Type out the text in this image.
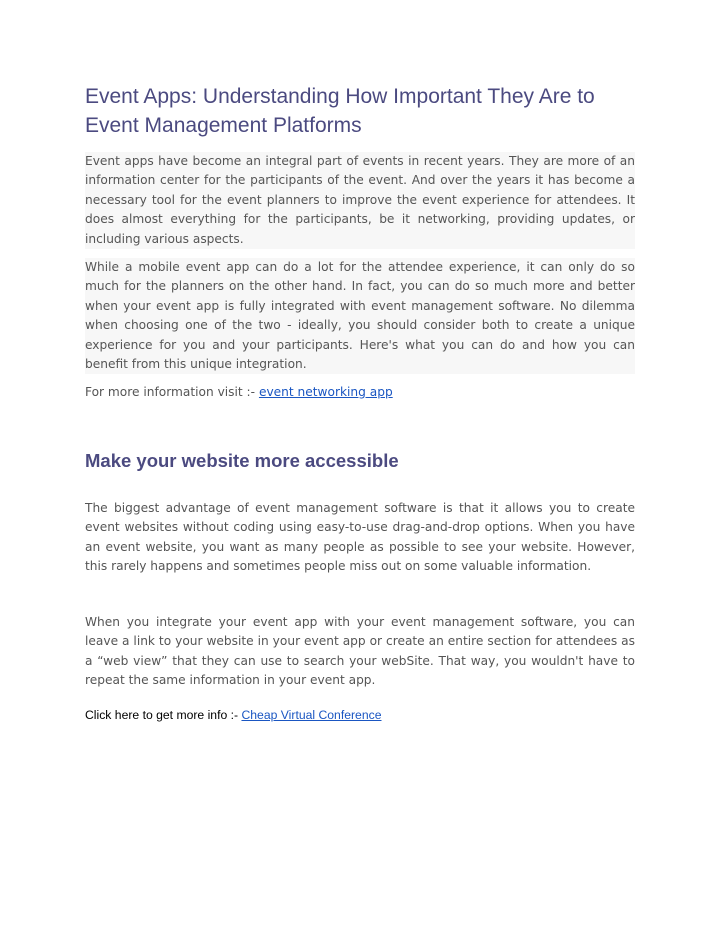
Event Apps: Understanding How Important They Are to Event Management Platforms

Event apps have become an integral part of events in recent years. They are more of an information center for the participants of the event. And over the years it has become a necessary tool for the event planners to improve the event experience for attendees. It does almost everything for the participants, be it networking, providing updates, or including various aspects.

While a mobile event app can do a lot for the attendee experience, it can only do so much for the planners on the other hand. In fact, you can do so much more and better when your event app is fully integrated with event management software. No dilemma when choosing one of the two - ideally, you should consider both to create a unique experience for you and your participants. Here's what you can do and how you can benefit from this unique integration.

For more information visit :- event networking app

Make your website more accessible

The biggest advantage of event management software is that it allows you to create event websites without coding using easy-to-use drag-and-drop options. When you have an event website, you want as many people as possible to see your website. However, this rarely happens and sometimes people miss out on some valuable information.

When you integrate your event app with your event management software, you can leave a link to your website in your event app or create an entire section for attendees as a “web view” that they can use to search your webSite. That way, you wouldn't have to repeat the same information in your event app.

Click here to get more info :- Cheap Virtual Conference
